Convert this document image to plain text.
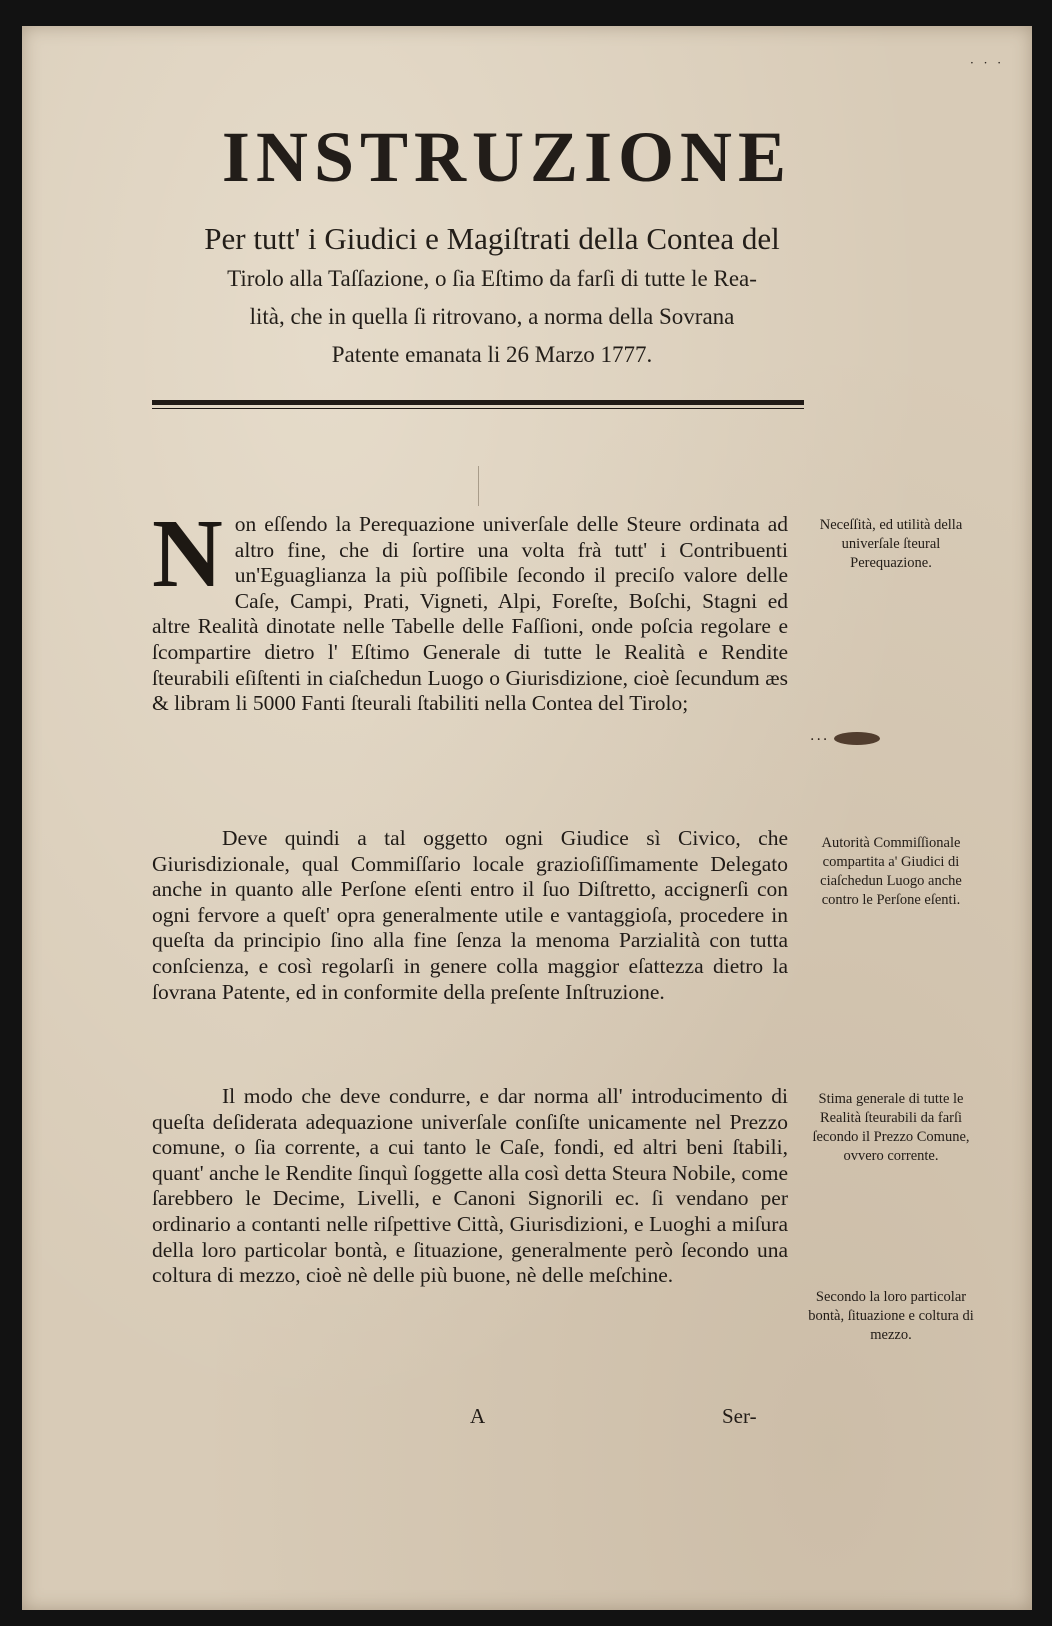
· · ·
INSTRUZIONE
Per tutt' i Giudici e Magiſtrati della Contea del
Tirolo alla Taſſazione, o ſia Eſtimo da farſi di tutte le Rea-
lità, che in quella ſi ritrovano, a norma della Sovrana
Patente emanata li 26 Marzo 1777.
N on eſſendo la Perequazione univerſale delle Steure ordinata ad altro fine, che di ſortire una volta frà tutt' i Contribuenti un'Eguaglianza la più poſſibile ſecondo il preciſo valore delle Caſe, Campi, Prati, Vigneti, Alpi, Foreſte, Boſchi, Stagni ed altre Realità dinotate nelle Tabelle delle Faſſioni, onde poſcia regolare e ſcompartire dietro l' Eſtimo Generale di tutte le Realità e Rendite ſteurabili eſiſtenti in ciaſchedun Luogo o Giurisdizione, cioè ſecundum æs & libram li 5000 Fanti ſteurali ſtabiliti nella Contea del Tirolo;
Neceſſità, ed utilità della univerſale ſteural Perequazione.
···
Deve quindi a tal oggetto ogni Giudice sì Civico, che Giurisdizionale, qual Commiſſario locale grazioſiſſimamente Delegato anche in quanto alle Perſone eſenti entro il ſuo Diſtretto, accignerſi con ogni fervore a queſt' opra generalmente utile e vantaggioſa, procedere in queſta da principio ſino alla fine ſenza la menoma Parzialità con tutta conſcienza, e così regolarſi in genere colla maggior eſattezza dietro la ſovrana Patente, ed in conformite della preſente Inſtruzione.
Autorità Commiſſionale compartita a' Giudici di ciaſchedun Luogo anche contro le Perſone eſenti.
Il modo che deve condurre, e dar norma all' introducimento di queſta deſiderata adequazione univerſale conſiſte unicamente nel Prezzo comune, o ſia corrente, a cui tanto le Caſe, fondi, ed altri beni ſtabili, quant' anche le Rendite ſinquì ſoggette alla così detta Steura Nobile, come ſarebbero le Decime, Livelli, e Canoni Signorili ec. ſi vendano per ordinario a contanti nelle riſpettive Città, Giurisdizioni, e Luoghi a miſura della loro particolar bontà, e ſituazione, generalmente però ſecondo una coltura di mezzo, cioè nè delle più buone, nè delle meſchine.
Stima generale di tutte le Realità ſteurabili da farſi ſecondo il Prezzo Comune, ovvero corrente.
Secondo la loro particolar bontà, ſituazione e coltura di mezzo.
A	Ser-
